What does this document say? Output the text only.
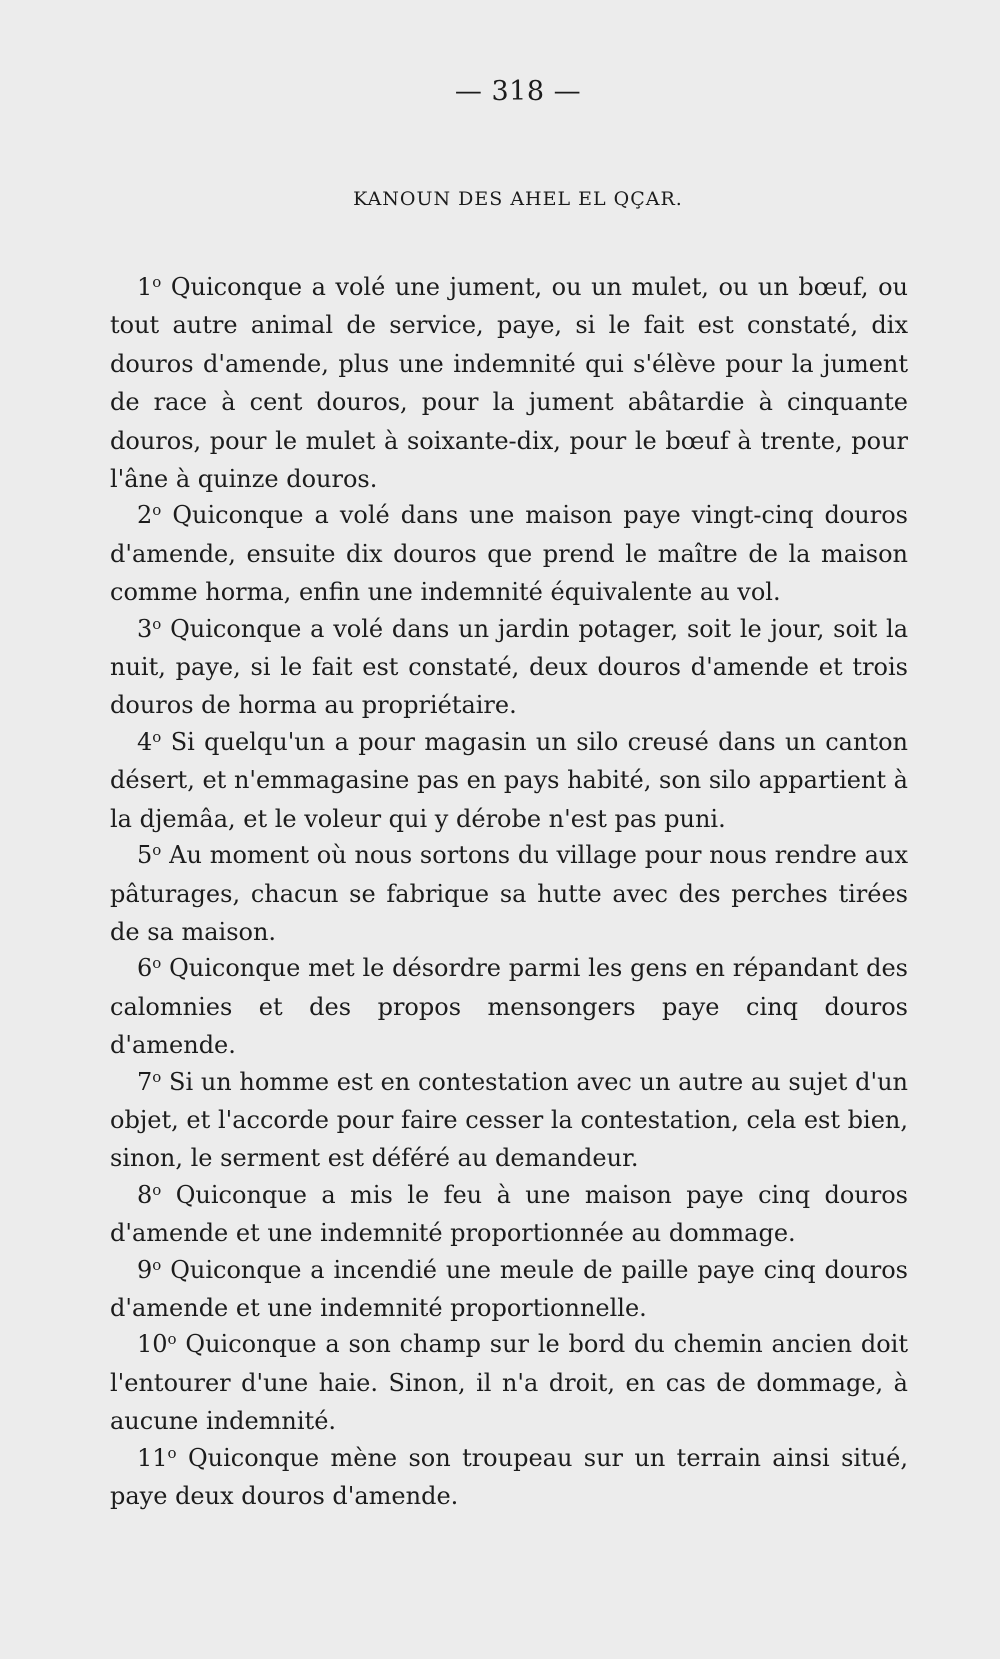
— 318 —
KANOUN DES AHEL EL QÇAR.

1$^o$ Quiconque a volé une jument, ou un mulet, ou un bœuf, ou tout autre animal de service, paye, si le fait est constaté, dix douros d'amende, plus une indemnité qui s'élève pour la jument de race à cent douros, pour la jument abâtardie à cinquante douros, pour le mulet à soixante-dix, pour le bœuf à trente, pour l'âne à quinze douros.

2$^o$ Quiconque a volé dans une maison paye vingt-cinq douros d'amende, ensuite dix douros que prend le maître de la maison comme horma, enfin une indemnité équivalente au vol.

3$^o$ Quiconque a volé dans un jardin potager, soit le jour, soit la nuit, paye, si le fait est constaté, deux douros d'amende et trois douros de horma au propriétaire.

4$^o$ Si quelqu'un a pour magasin un silo creusé dans un canton désert, et n'emmagasine pas en pays habité, son silo appartient à la djemâa, et le voleur qui y dérobe n'est pas puni.

5$^o$ Au moment où nous sortons du village pour nous rendre aux pâturages, chacun se fabrique sa hutte avec des perches tirées de sa maison.

6$^o$ Quiconque met le désordre parmi les gens en répandant des calomnies et des propos mensongers paye cinq douros d'amende.

7$^o$ Si un homme est en contestation avec un autre au sujet d'un objet, et l'accorde pour faire cesser la contestation, cela est bien, sinon, le serment est déféré au demandeur.

8$^o$ Quiconque a mis le feu à une maison paye cinq douros d'amende et une indemnité proportionnée au dommage.

9$^o$ Quiconque a incendié une meule de paille paye cinq douros d'amende et une indemnité proportionnelle.

10$^o$ Quiconque a son champ sur le bord du chemin ancien doit l'entourer d'une haie. Sinon, il n'a droit, en cas de dommage, à aucune indemnité.

11$^o$ Quiconque mène son troupeau sur un terrain ainsi situé, paye deux douros d'amende.
